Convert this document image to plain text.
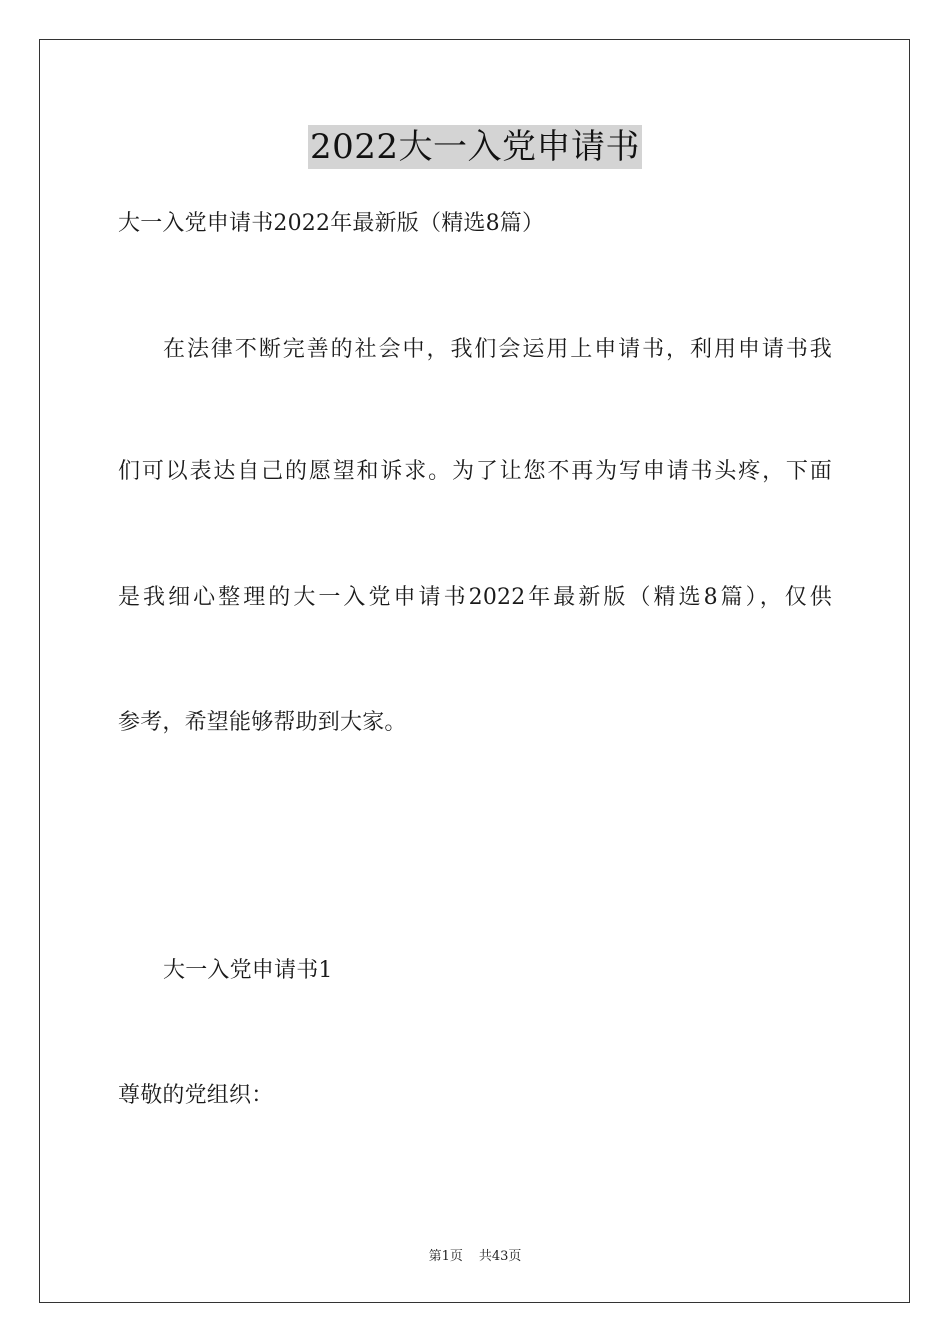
2022大一入党申请书
大一入党申请书2022年最新版（精选8篇）
在法律不断完善的社会中，我们会运用上申请书，利用申请书我
们可以表达自己的愿望和诉求。为了让您不再为写申请书头疼，下面
是我细心整理的大一入党申请书2022年最新版（精选8篇），仅供
参考，希望能够帮助到大家。
大一入党申请书1
尊敬的党组织：
第1页 共43页
